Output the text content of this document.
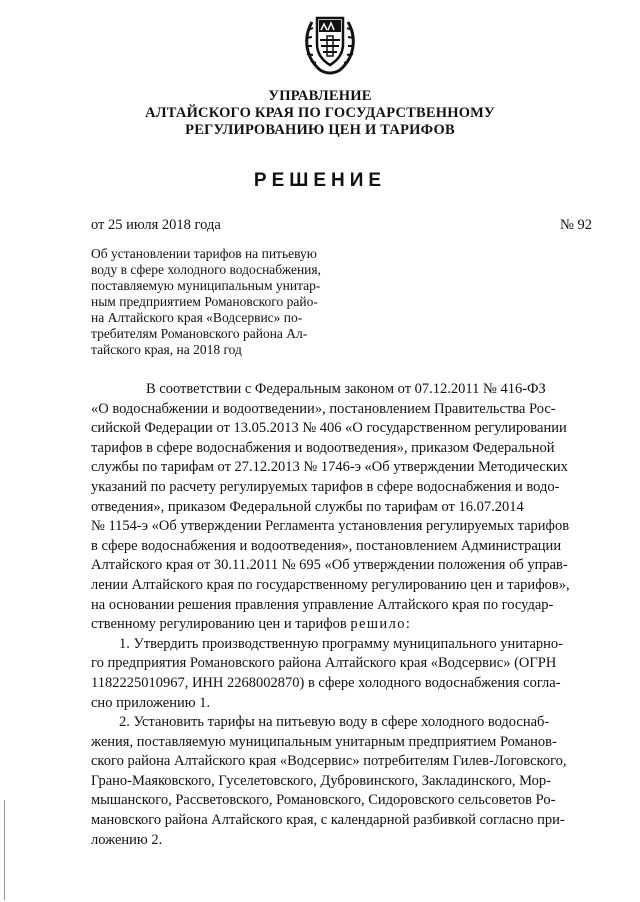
УПРАВЛЕНИЕ
АЛТАЙСКОГО КРАЯ ПО ГОСУДАРСТВЕННОМУ
РЕГУЛИРОВАНИЮ ЦЕН И ТАРИФОВ
РЕШЕНИЕ
от 25 июля 2018 года	№ 92
Об установлении тарифов на питьевую
воду в сфере холодного водоснабжения,
поставляемую муниципальным унитар-
ным предприятием Романовского райо-
на Алтайского края «Водсервис» по-
требителям Романовского района Ал-
тайского края, на 2018 год
В соответствии с Федеральным законом от 07.12.2011 № 416-ФЗ
«О водоснабжении и водоотведении», постановлением Правительства Рос-
сийской Федерации от 13.05.2013 № 406 «О государственном регулировании
тарифов в сфере водоснабжения и водоотведения», приказом Федеральной
службы по тарифам от 27.12.2013 № 1746-э «Об утверждении Методических
указаний по расчету регулируемых тарифов в сфере водоснабжения и водо-
отведения», приказом Федеральной службы по тарифам от 16.07.2014
№ 1154-э «Об утверждении Регламента установления регулируемых тарифов
в сфере водоснабжения и водоотведения», постановлением Администрации
Алтайского края от 30.11.2011 № 695 «Об утверждении положения об управ-
лении Алтайского края по государственному регулированию цен и тарифов»,
на основании решения правления управление Алтайского края по государ-
ственному регулированию цен и тарифов решило:
1. Утвердить производственную программу муниципального унитарно-
го предприятия Романовского района Алтайского края «Водсервис» (ОГРН
1182225010967, ИНН 2268002870) в сфере холодного водоснабжения согла-
сно приложению 1.
2. Установить тарифы на питьевую воду в сфере холодного водоснаб-
жения, поставляемую муниципальным унитарным предприятием Романов-
ского района Алтайского края «Водсервис» потребителям Гилев-Логовского,
Грано-Маяковского, Гуселетовского, Дубровинского, Закладинского, Мор-
мышанского, Рассветовского, Романовского, Сидоровского сельсоветов Ро-
мановского района Алтайского края, с календарной разбивкой согласно при-
ложению 2.
